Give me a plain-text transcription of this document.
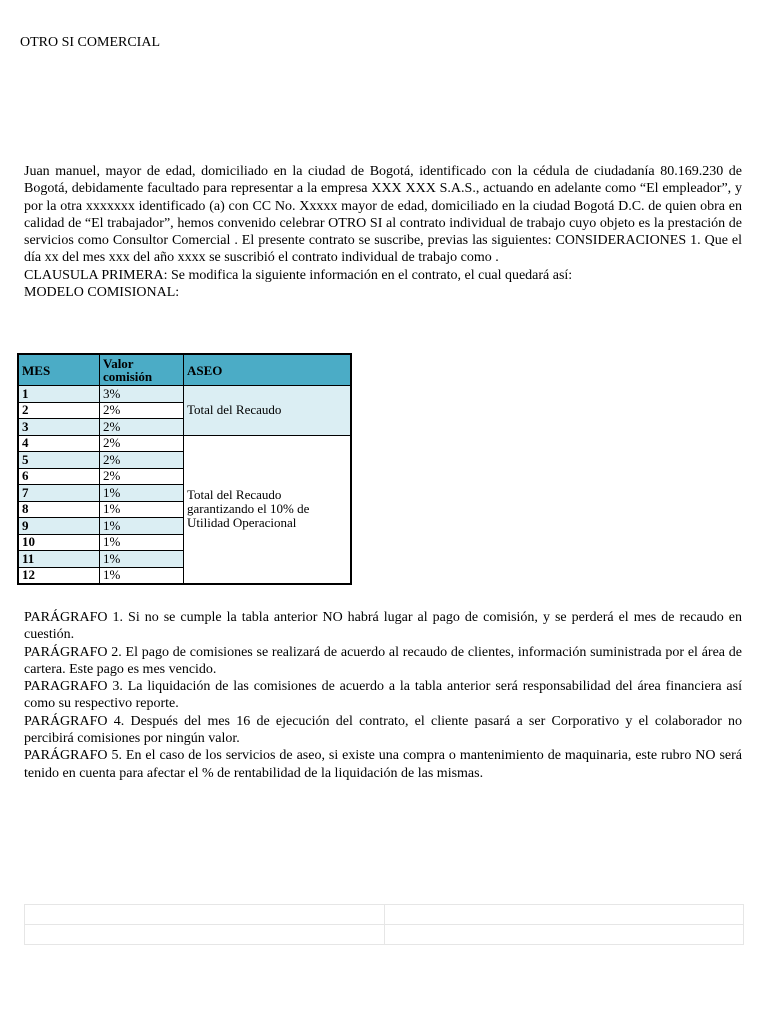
OTRO SI COMERCIAL

Juan manuel, mayor de edad, domiciliado en la ciudad de Bogotá, identificado con la cédula de ciudadanía 80.169.230 de Bogotá, debidamente facultado para representar a la empresa XXX XXX S.A.S., actuando en adelante como “El empleador”, y por la otra xxxxxxx identificado (a) con CC No. Xxxxx mayor de edad, domiciliado en la ciudad Bogotá D.C. de quien obra en calidad de “El trabajador”, hemos convenido celebrar OTRO SI al contrato individual de trabajo cuyo objeto es la prestación de servicios como Consultor Comercial . El presente contrato se suscribe, previas las siguientes: CONSIDERACIONES 1. Que el día xx del mes xxx del año xxxx se suscribió el contrato individual de trabajo como .

CLAUSULA PRIMERA: Se modifica la siguiente información en el contrato, el cual quedará así:

MODELO COMISIONAL:

MES	Valor comisión	ASEO
1	3%	Total del Recaudo
2	2%	
3	2%	
4	2%	Total del Recaudo garantizando el 10% de Utilidad Operacional
5	2%	
6	2%	
7	1%	
8	1%	
9	1%	
10	1%	
11	1%	
12	1%	

PARÁGRAFO 1. Si no se cumple la tabla anterior NO habrá lugar al pago de comisión, y se perderá el mes de recaudo en cuestión.

PARÁGRAFO 2. El pago de comisiones se realizará de acuerdo al recaudo de clientes, información suministrada por el área de cartera. Este pago es mes vencido.

PARAGRAFO 3. La liquidación de las comisiones de acuerdo a la tabla anterior será responsabilidad del área financiera así como su respectivo reporte.

PARÁGRAFO 4. Después del mes 16 de ejecución del contrato, el cliente pasará a ser Corporativo y el colaborador no percibirá comisiones por ningún valor.

PARÁGRAFO 5. En el caso de los servicios de aseo, si existe una compra o mantenimiento de maquinaria, este rubro NO será tenido en cuenta para afectar el % de rentabilidad de la liquidación de las mismas.
